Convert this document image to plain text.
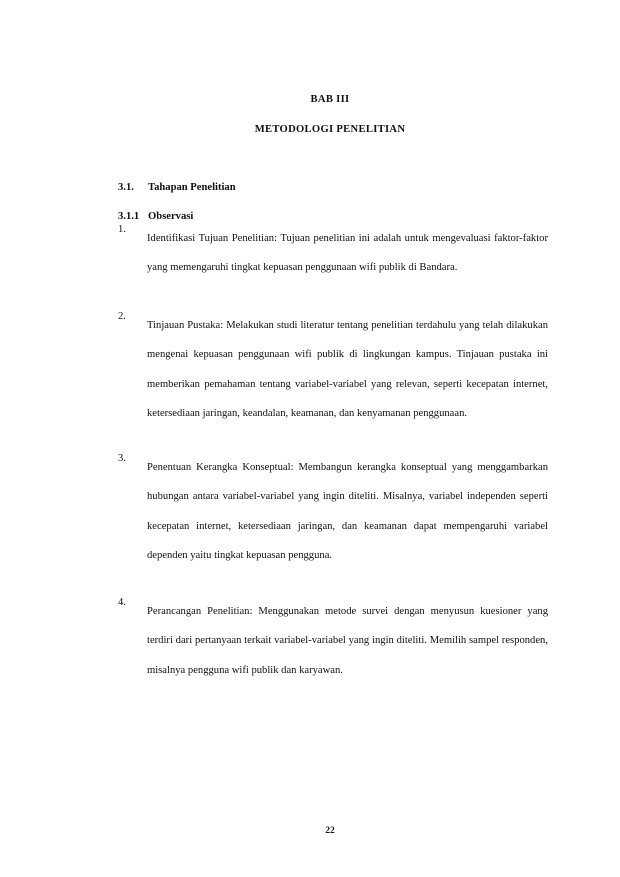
BAB III
METODOLOGI PENELITIAN
3.1. Tahapan Penelitian
3.1.1 Observasi
1.

Identifikasi Tujuan Penelitian: Tujuan penelitian ini adalah untuk mengevaluasi faktor-faktor yang memengaruhi tingkat kepuasan penggunaan wifi publik di Bandara.

2.

Tinjauan Pustaka: Melakukan studi literatur tentang penelitian terdahulu yang telah dilakukan mengenai kepuasan penggunaan wifi publik di lingkungan kampus. Tinjauan pustaka ini memberikan pemahaman tentang variabel-variabel yang relevan, seperti kecepatan internet, ketersediaan jaringan, keandalan, keamanan, dan kenyamanan penggunaan.

3.

Penentuan Kerangka Konseptual: Membangun kerangka konseptual yang menggambarkan hubungan antara variabel-variabel yang ingin diteliti. Misalnya, variabel independen seperti kecepatan internet, ketersediaan jaringan, dan keamanan dapat mempengaruhi variabel dependen yaitu tingkat kepuasan pengguna.

4.

Perancangan Penelitian: Menggunakan metode survei dengan menyusun kuesioner yang terdiri dari pertanyaan terkait variabel-variabel yang ingin diteliti. Memilih sampel responden, misalnya pengguna wifi publik dan karyawan.

22
